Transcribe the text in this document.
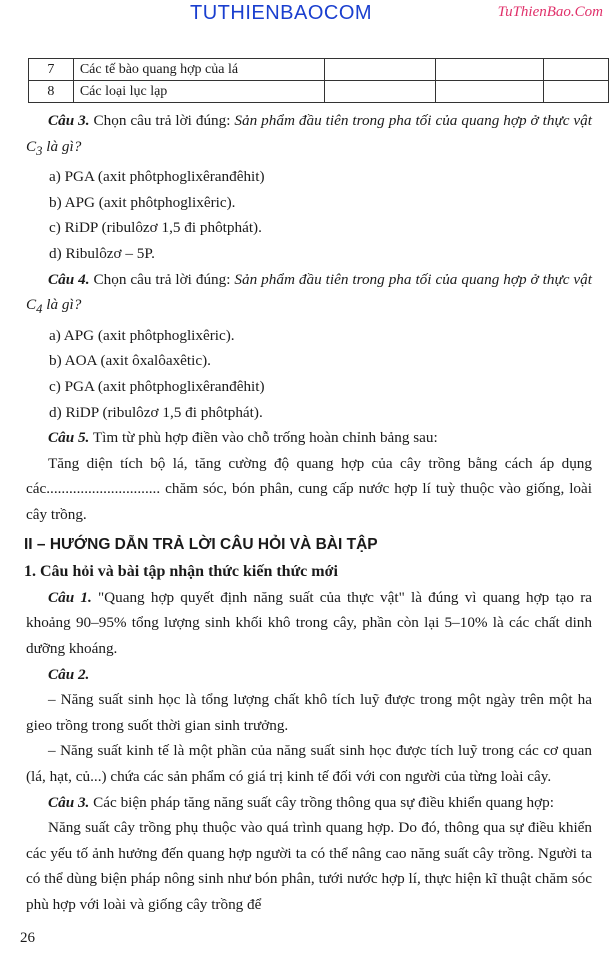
TUTHIENBAOCOM	TuThienBao.Com
7	Các tế bào quang hợp của lá			
8	Các loại lục lạp			

Câu 3. Chọn câu trả lời đúng: Sản phẩm đầu tiên trong pha tối của quang hợp ở thực vật $C_3$ là gì?

a) PGA (axit phôtphoglixêranđêhit)

b) APG (axit phôtphoglixêric).

c) RiDP (ribulôzơ 1,5 đi phôtphát).

d) Ribulôzơ – 5P.

Câu 4. Chọn câu trả lời đúng: Sản phẩm đầu tiên trong pha tối của quang hợp ở thực vật $C_4$ là gì?

a) APG (axit phôtphoglixêric).

b) AOA (axit ôxalôaxêtic).

c) PGA (axit phôtphoglixêranđêhit)

d) RiDP (ribulôzơ 1,5 đi phôtphát).

Câu 5. Tìm từ phù hợp điền vào chỗ trống hoàn chỉnh bảng sau:

Tăng diện tích bộ lá, tăng cường độ quang hợp của cây trồng bằng cách áp dụng các.............................. chăm sóc, bón phân, cung cấp nước hợp lí tuỳ thuộc vào giống, loài cây trồng.

II – HƯỚNG DẪN TRẢ LỜI CÂU HỎI VÀ BÀI TẬP

1. Câu hỏi và bài tập nhận thức kiến thức mới

Câu 1. "Quang hợp quyết định năng suất của thực vật" là đúng vì quang hợp tạo ra khoảng 90–95% tổng lượng sinh khối khô trong cây, phần còn lại 5–10% là các chất dinh dưỡng khoáng.

Câu 2.

– Năng suất sinh học là tổng lượng chất khô tích luỹ được trong một ngày trên một ha gieo trồng trong suốt thời gian sinh trưởng.

– Năng suất kinh tế là một phần của năng suất sinh học được tích luỹ trong các cơ quan (lá, hạt, củ...) chứa các sản phẩm có giá trị kinh tế đối với con người của từng loài cây.

Câu 3. Các biện pháp tăng năng suất cây trồng thông qua sự điều khiển quang hợp:

Năng suất cây trồng phụ thuộc vào quá trình quang hợp. Do đó, thông qua sự điều khiển các yếu tố ảnh hưởng đến quang hợp người ta có thể nâng cao năng suất cây trồng. Người ta có thể dùng biện pháp nông sinh như bón phân, tưới nước hợp lí, thực hiện kĩ thuật chăm sóc phù hợp với loài và giống cây trồng để

26
